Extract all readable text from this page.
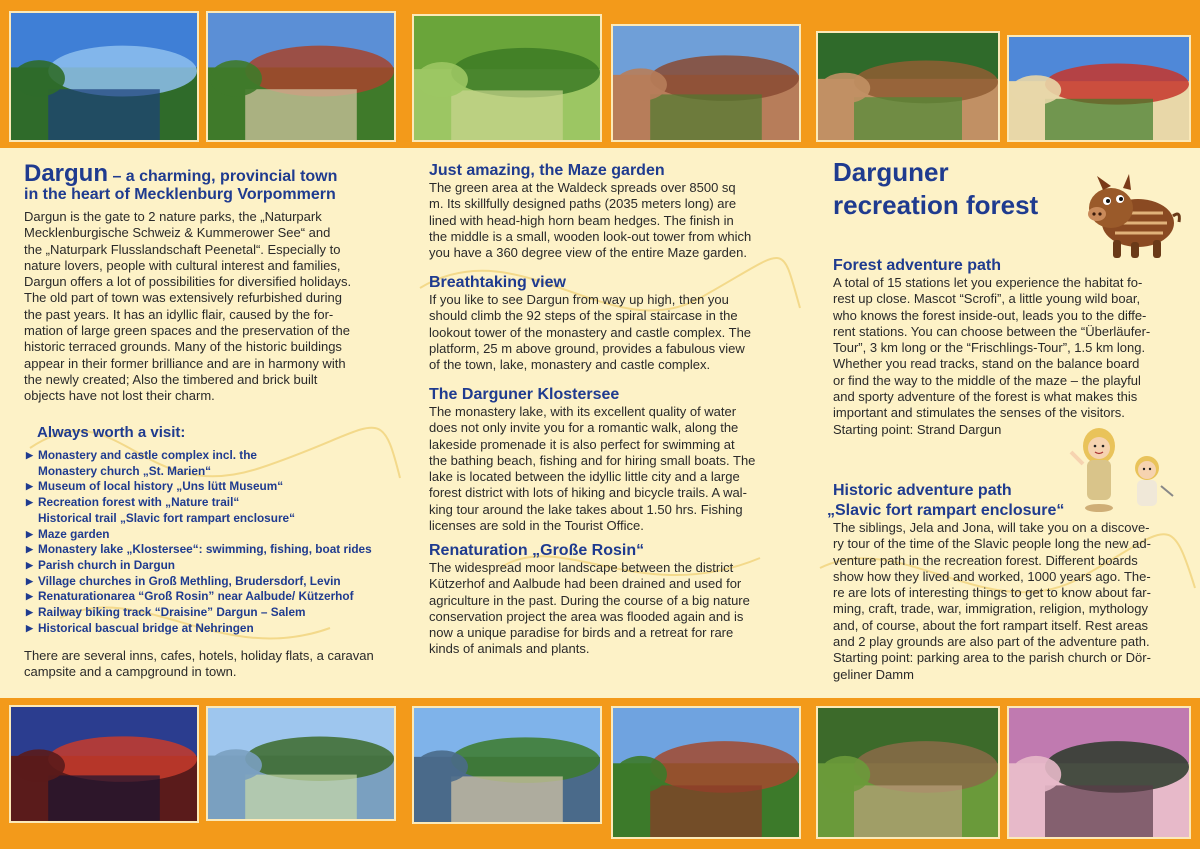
Dargun – a charming, provincial town
in the heart of Mecklenburg Vorpommern
Dargun is the gate to 2 nature parks, the „Naturpark
Mecklenburgische Schweiz & Kummerower See“ and
the „Naturpark Flusslandschaft Peenetal“. Especially to
nature lovers, people with cultural interest and families,
Dargun offers a lot of possibilities for diversified holidays.
The old part of town was extensively refurbished during
the past years. It has an idyllic flair, caused by the for-
mation of large green spaces and the preservation of the
historic terraced grounds. Many of the historic buildings
appear in their former brilliance and are in harmony with
the newly created; Also the timbered and brick built
objects have not lost their charm.
Always worth a visit:
▶ Monastery and castle complex incl. the
Monastery church „St. Marien“
▶ Museum of local history „Uns lütt Museum“
▶ Recreation forest with „Nature trail“
Historical trail „Slavic fort rampart enclosure“
▶ Maze garden
▶ Monastery lake „Klostersee“: swimming, fishing, boat rides
▶ Parish church in Dargun
▶ Village churches in Groß Methling, Brudersdorf, Levin
▶ Renaturationarea “Groß Rosin” near Aalbude/ Kützerhof
▶ Railway biking track “Draisine” Dargun – Salem
▶ Historical bascual bridge at Nehringen
There are several inns, cafes, hotels, holiday flats, a caravan
campsite and a campground in town.
Just amazing, the Maze garden
The green area at the Waldeck spreads over 8500 sq
m. Its skillfully designed paths (2035 meters long) are
lined with head-high horn beam hedges. The finish in
the middle is a small, wooden look-out tower from which
you have a 360 degree view of the entire Maze garden.
Breathtaking view
If you like to see Dargun from way up high, then you
should climb the 92 steps of the spiral staircase in the
lookout tower of the monastery and castle complex. The
platform, 25 m above ground, provides a fabulous view
of the town, lake, monastery and castle complex.
The Darguner Klostersee
The monastery lake, with its excellent quality of water
does not only invite you for a romantic walk, along the
lakeside promenade it is also perfect for swimming at
the bathing beach, fishing and for hiring small boats. The
lake is located between the idyllic little city and a large
forest district with lots of hiking and bicycle trails. A wal-
king tour around the lake takes about 1.50 hrs. Fishing
licenses are sold in the Tourist Office.
Renaturation „Große Rosin“
The widespread moor landscape between the district
Kützerhof and Aalbude had been drained and used for
agriculture in the past. During the course of a big nature
conservation project the area was flooded again and is
now a unique paradise for birds and a retreat for rare
kinds of animals and plants.
Darguner
recreation forest
Forest adventure path
A total of 15 stations let you experience the habitat fo-
rest up close. Mascot “Scrofi”, a little young wild boar,
who knows the forest inside-out, leads you to the diffe-
rent stations. You can choose between the “Überläufer-
Tour”, 3 km long or the “Frischlings-Tour”, 1.5 km long.
Whether you read tracks, stand on the balance board
or find the way to the middle of the maze – the playful
and sporty adventure of the forest is what makes this
important and stimulates the senses of the visitors.
Starting point: Strand Dargun
Historic adventure path
„Slavic fort rampart enclosure“
The siblings, Jela and Jona, will take you on a discove-
ry tour of the time of the Slavic people long the new ad-
venture path in the recreation forest. Different boards
show how they lived and worked, 1000 years ago. The-
re are lots of interesting things to get to know about far-
ming, craft, trade, war, immigration, religion, mythology
and, of course, about the fort rampart itself. Rest areas
and 2 play grounds are also part of the adventure path.
Starting point: parking area to the parish church or Dör-
geliner Damm
